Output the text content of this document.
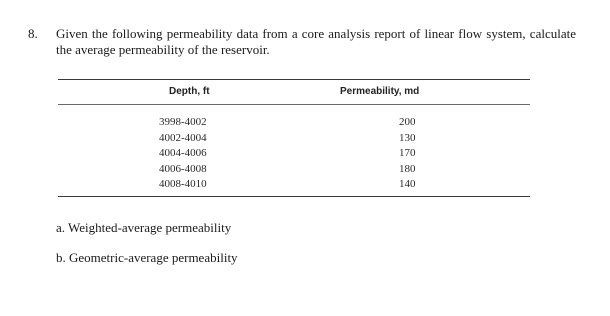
8. Given the following permeability data from a core analysis report of linear flow system, calculate the average permeability of the reservoir.
Depth, ft	Permeability, md
3998-4002
4002-4004
4004-4006
4006-4008
4008-4010
200
130
170
180
140
a. Weighted-average permeability
b. Geometric-average permeability
